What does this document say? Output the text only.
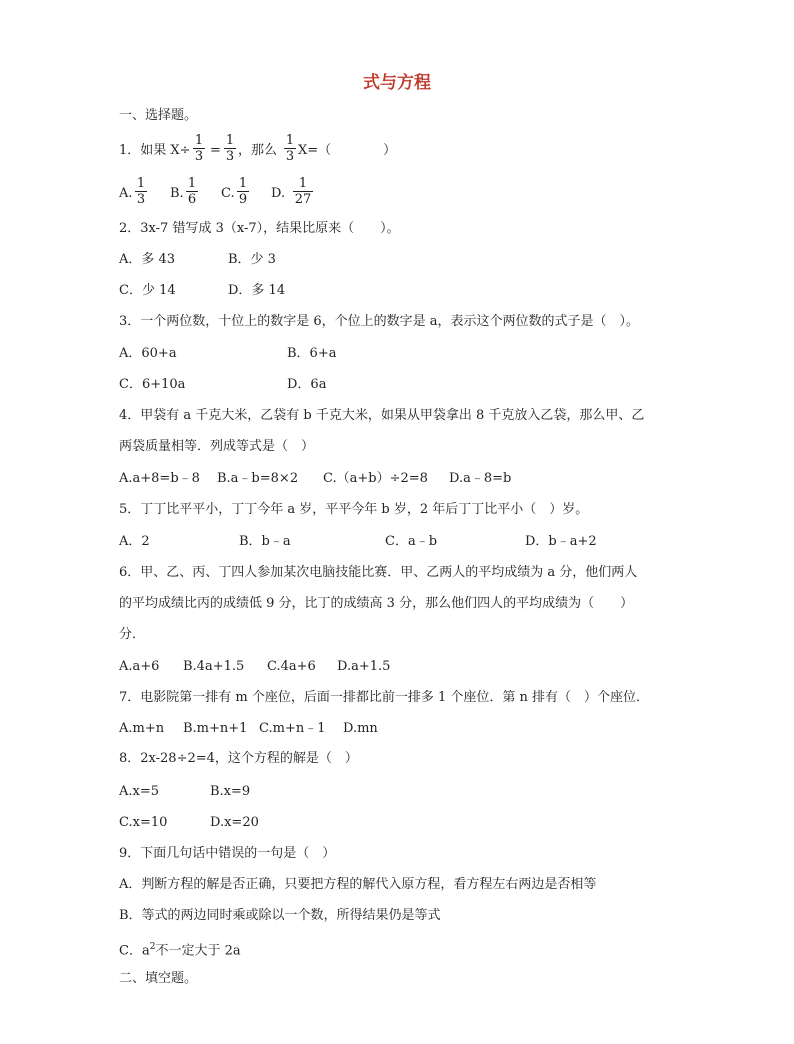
式与方程
一、选择题。
1．如果 X÷
1
3 =
1
3 ，那么
1
3 X=（　　　　）
A.
1
3 B.
1
6 C.
1
9 D.
1
27
2．3x-7 错写成 3（x-7），结果比原来（　　）。
A．多 43	B．少 3
C．少 14	D．多 14
3．一个两位数，十位上的数字是 6，个位上的数字是 a，表示这个两位数的式子是（　）。
A．60+a	B．6+a
C．6+10a	D．6a
4．甲袋有 a 千克大米，乙袋有 b 千克大米，如果从甲袋拿出 8 千克放入乙袋，那么甲、乙
两袋质量相等．列成等式是（　）
A.a+8=b﹣8 B.a﹣b=8×2 C.（a+b）÷2=8 D.a﹣8=b
5．丁丁比平平小，丁丁今年 a 岁，平平今年 b 岁，2 年后丁丁比平小（　）岁。
A．2	B．b﹣a	C．a﹣b	D．b﹣a+2
6．甲、乙、丙、丁四人参加某次电脑技能比赛．甲、乙两人的平均成绩为 a 分，他们两人
的平均成绩比丙的成绩低 9 分，比丁的成绩高 3 分，那么他们四人的平均成绩为（　　）
分．
A.a+6 B.4a+1.5 C.4a+6 D.a+1.5
7．电影院第一排有 m 个座位，后面一排都比前一排多 1 个座位．第 n 排有（　）个座位．
A.m+n B.m+n+1 C.m+n﹣1 D.mn
8．2x-28÷2=4，这个方程的解是（　）
A.x=5	B.x=9
C.x=10	D.x=20
9．下面几句话中错误的一句是（　）
A．判断方程的解是否正确，只要把方程的解代入原方程，看方程左右两边是否相等
B．等式的两边同时乘或除以一个数，所得结果仍是等式
C．$a^2$不一定大于 2a
二、填空题。
